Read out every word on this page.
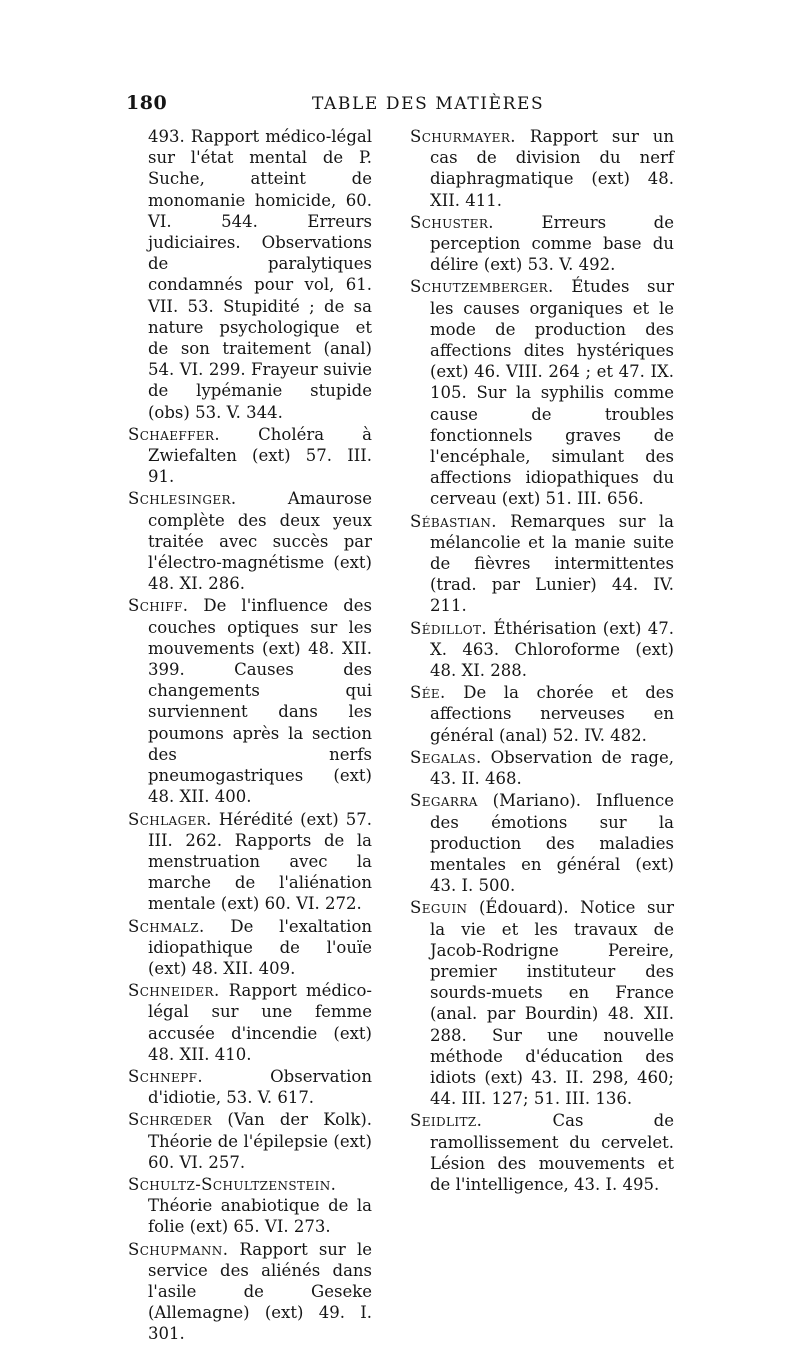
180	TABLE DES MATIÈRES

493. Rapport médico-légal sur l'état mental de P. Suche, atteint de monomanie homicide, 60. VI. 544. Erreurs judiciaires. Observations de paralytiques condamnés pour vol, 61. VII. 53. Stupidité ; de sa nature psychologique et de son traitement (anal) 54. VI. 299. Frayeur suivie de lypémanie stupide (obs) 53. V. 344.

Schaeffer. Choléra à Zwiefalten (ext) 57. III. 91.

Schlesinger.	Amaurose complète des deux yeux traitée avec succès par l'électro-magnétisme (ext) 48. XI. 286.

Schiff. De l'influence des couches optiques sur les mouvements (ext) 48. XII. 399. Causes des changements qui surviennent dans les poumons après la section des nerfs pneumogastriques (ext) 48. XII. 400.

Schlager. Hérédité (ext) 57. III. 262. Rapports de la menstruation avec la marche de l'aliénation mentale (ext) 60. VI. 272.

Schmalz. De l'exaltation idiopathique de l'ouïe (ext) 48. XII. 409.

Schneider. Rapport médico-légal sur une femme accusée d'incendie (ext) 48. XII. 410.

Schnepf.	Observation d'idiotie, 53. V. 617.

Schrœder (Van der Kolk). Théorie de l'épilepsie (ext) 60. VI. 257.

Schultz-Schultzenstein. Théorie anabiotique de la folie (ext) 65. VI. 273.

Schupmann. Rapport sur le service des aliénés dans l'asile de Geseke (Allemagne) (ext) 49. I. 301.

Schurmayer. Rapport sur un cas de division du nerf diaphragmatique (ext) 48. XII. 411.

Schuster.	Erreurs de perception comme base du délire (ext) 53. V. 492.

Schutzemberger. Études sur les causes organiques et le mode de production des affections dites hystériques (ext) 46. VIII. 264 ; et 47. IX. 105. Sur la syphilis comme cause de troubles fonctionnels graves de l'encéphale, simulant des affections idiopathiques du cerveau (ext) 51. III. 656.

Sébastian. Remarques sur la mélancolie et la manie suite de fièvres intermittentes (trad. par Lunier) 44. IV. 211.

Sédillot. Éthérisation (ext) 47. X. 463. Chloroforme (ext) 48. XI. 288.

Sée. De la chorée et des affections nerveuses en général (anal) 52. IV. 482.

Segalas. Observation de rage, 43. II. 468.

Segarra (Mariano). Influence des émotions sur la production des maladies mentales en général (ext) 43. I. 500.

Seguin (Édouard). Notice sur la vie et les travaux de Jacob-Rodrigne Pereire, premier instituteur des sourds-muets en France (anal. par Bourdin) 48. XII. 288. Sur une nouvelle méthode d'éducation des idiots (ext) 43. II. 298, 460; 44. III. 127; 51. III. 136.

Seidlitz.	Cas de ramollissement du cervelet. Lésion des mouvements et de l'intelligence, 43. I. 495.
